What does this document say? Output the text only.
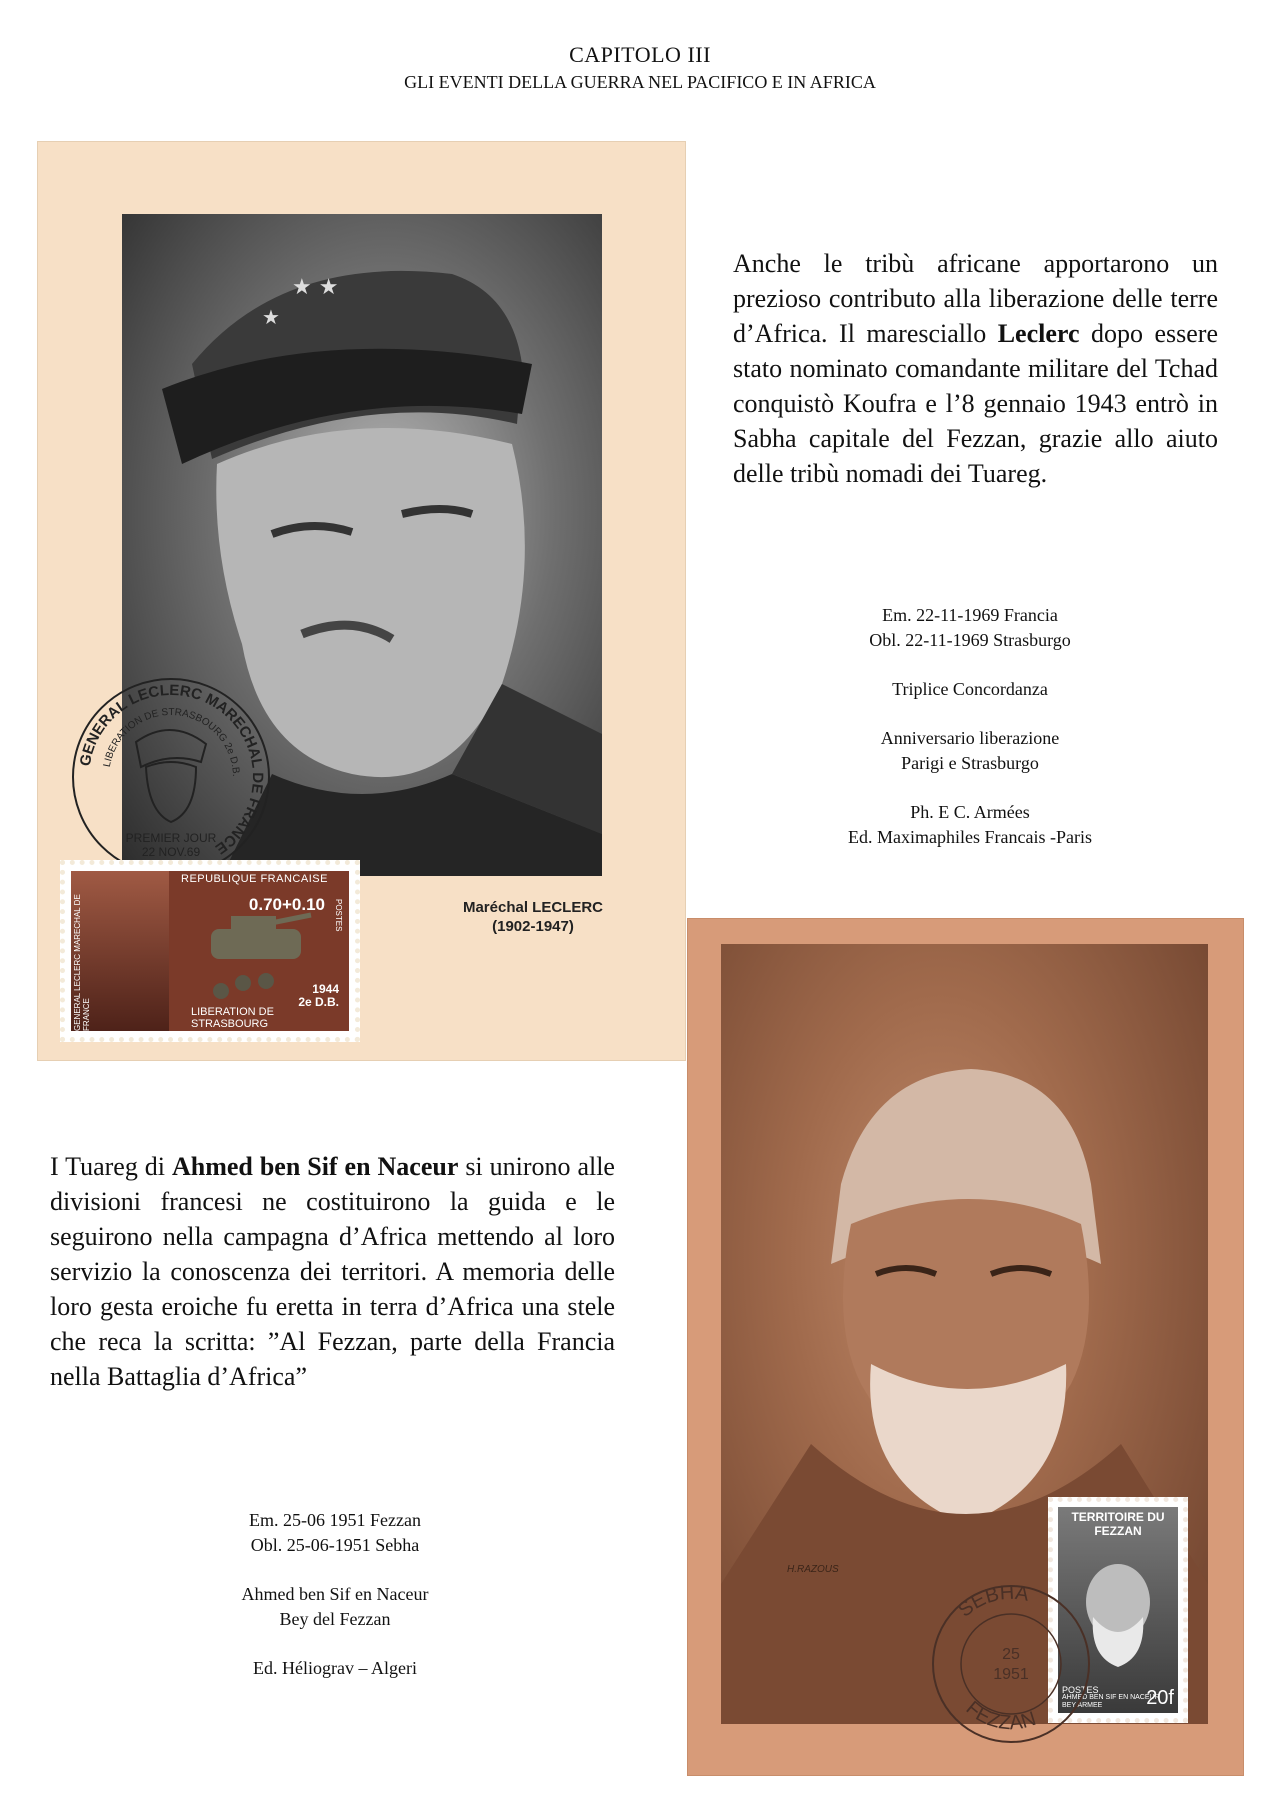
CAPITOLO III
GLI EVENTI DELLA GUERRA NEL PACIFICO E IN AFRICA
★ ★
★
GENERAL LECLERC MARECHAL DE FRANCE
LIBERATION DE STRASBOURG 2e D.B.
PREMIER JOUR
22 NOV.69
Maréchal LECLERC
(1902-1947)
GENERAL LECLERC MARECHAL DE FRANCE
REPUBLIQUE FRANCAISE
0.70+0.10 POSTES
1944
2e D.B.
LIBERATION DE STRASBOURG

Anche le tribù africane apportarono un prezioso contributo alla liberazione delle terre d’Africa. Il maresciallo Leclerc dopo essere stato nominato comandante militare del Tchad conquistò Koufra e l’8 gennaio 1943 entrò in Sabha capitale del Fezzan, grazie allo aiuto delle tribù nomadi dei Tuareg.

Em. 22-11-1969 Francia
Obl. 22-11-1969 Strasburgo
Triplice Concordanza
Anniversario liberazione
Parigi e Strasburgo
Ph. E C. Armées
Ed. Maximaphiles Francais -Paris

I Tuareg di Ahmed ben Sif en Naceur si unirono alle divisioni francesi ne costituirono la guida e le seguirono nella campagna d’Africa mettendo al loro servizio la conoscenza dei territori. A memoria delle loro gesta eroiche fu eretta in terra d’Africa una stele che reca la scritta: ”Al Fezzan, parte della Francia nella Battaglia d’Africa”

Em. 25-06 1951 Fezzan
Obl. 25-06-1951 Sebha
Ahmed ben Sif en Naceur
Bey del Fezzan
Ed. Héliograv – Algeri
H.RAZOUS
TERRITOIRE DU
FEZZAN
POSTES
AHMED BEN SIF EN NACEUR
BEY ARMEE	20f
SEBHA
25
1951
FEZZAN
